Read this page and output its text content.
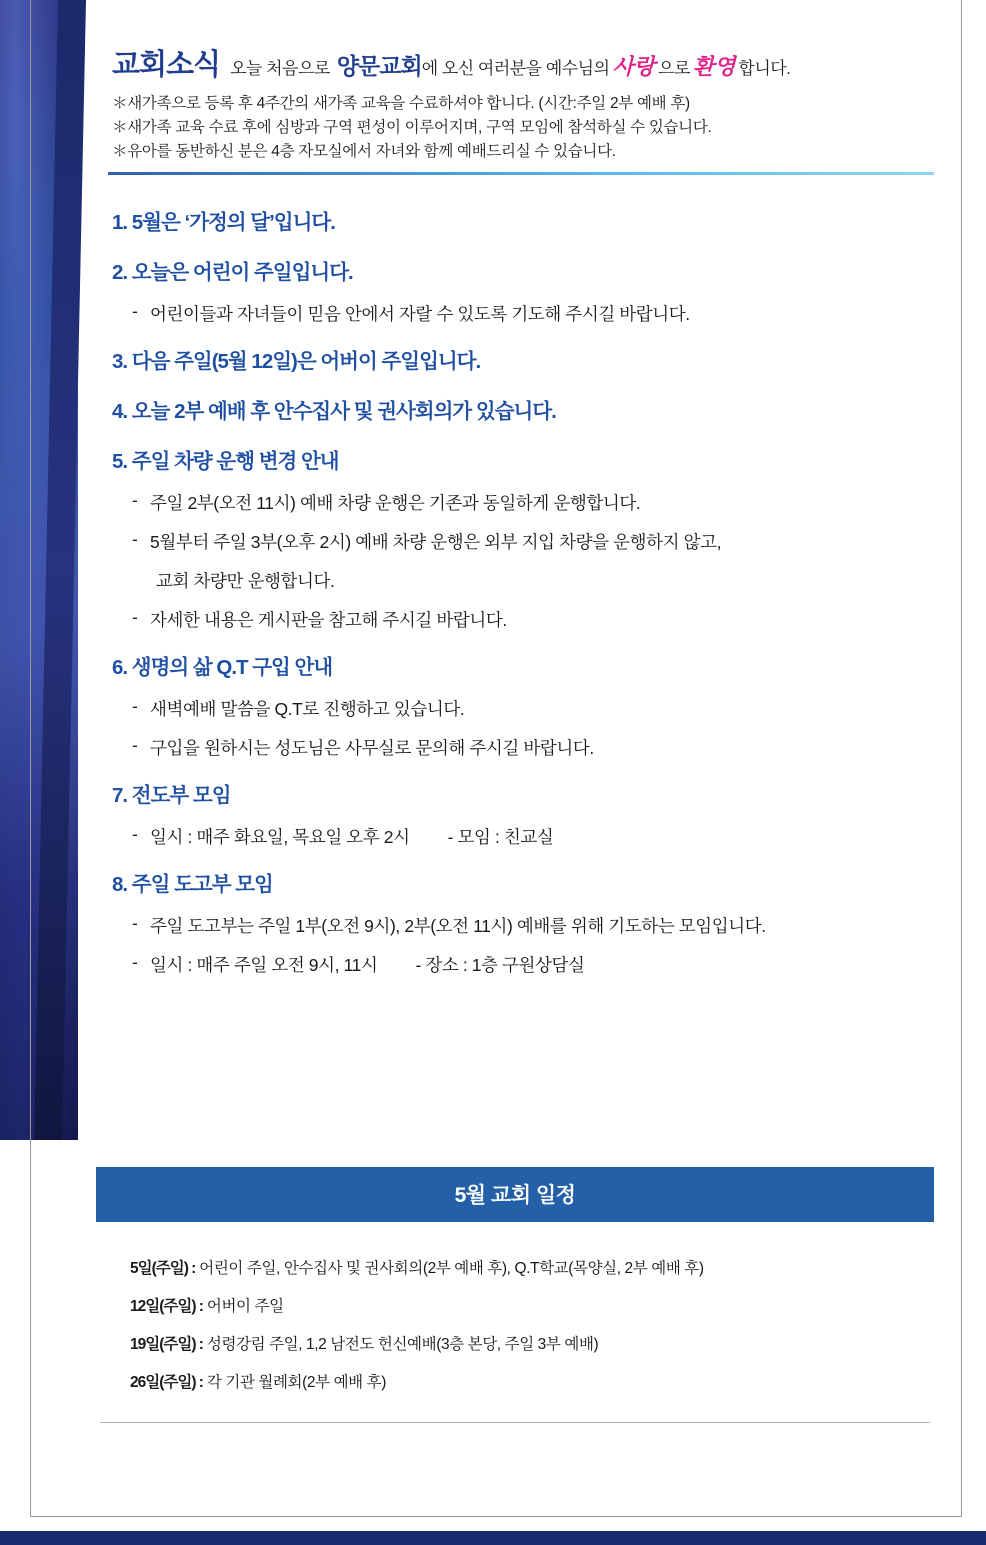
교회소식 오늘 처음으로 양문교회 에 오신 여러분을 예수님의 사랑 으로 환영 합니다.
＊새가족으로 등록 후 4주간의 새가족 교육을 수료하셔야 합니다. (시간:주일 2부 예배 후)
＊새가족 교육 수료 후에 심방과 구역 편성이 이루어지며, 구역 모임에 참석하실 수 있습니다.
＊유아를 동반하신 분은 4층 자모실에서 자녀와 함께 예배드리실 수 있습니다.
1. 5월은 ‘가정의 달’입니다.
2. 오늘은 어린이 주일입니다.
- 어린이들과 자녀들이 믿음 안에서 자랄 수 있도록 기도해 주시길 바랍니다.
3. 다음 주일(5월 12일)은 어버이 주일입니다.
4. 오늘 2부 예배 후 안수집사 및 권사회의가 있습니다.
5. 주일 차량 운행 변경 안내
- 주일 2부(오전 11시) 예배 차량 운행은 기존과 동일하게 운행합니다.
- 5월부터 주일 3부(오후 2시) 예배 차량 운행은 외부 지입 차량을 운행하지 않고,
교회 차량만 운행합니다.
- 자세한 내용은 게시판을 참고해 주시길 바랍니다.
6. 생명의 삶 Q.T 구입 안내
- 새벽예배 말씀을 Q.T로 진행하고 있습니다.
- 구입을 원하시는 성도님은 사무실로 문의해 주시길 바랍니다.
7. 전도부 모임
- 일시 : 매주 화요일, 목요일 오후 2시 - 모임 : 친교실
8. 주일 도고부 모임
- 주일 도고부는 주일 1부(오전 9시), 2부(오전 11시) 예배를 위해 기도하는 모임입니다.
- 일시 : 매주 주일 오전 9시, 11시 - 장소 : 1층 구원상담실
5월 교회 일정
5일(주일) : 어린이 주일, 안수집사 및 권사회의(2부 예배 후), Q.T학교(목양실, 2부 예배 후)
12일(주일) : 어버이 주일
19일(주일) : 성령강림 주일, 1,2 남전도 헌신예배(3층 본당, 주일 3부 예배)
26일(주일) : 각 기관 월례회(2부 예배 후)
